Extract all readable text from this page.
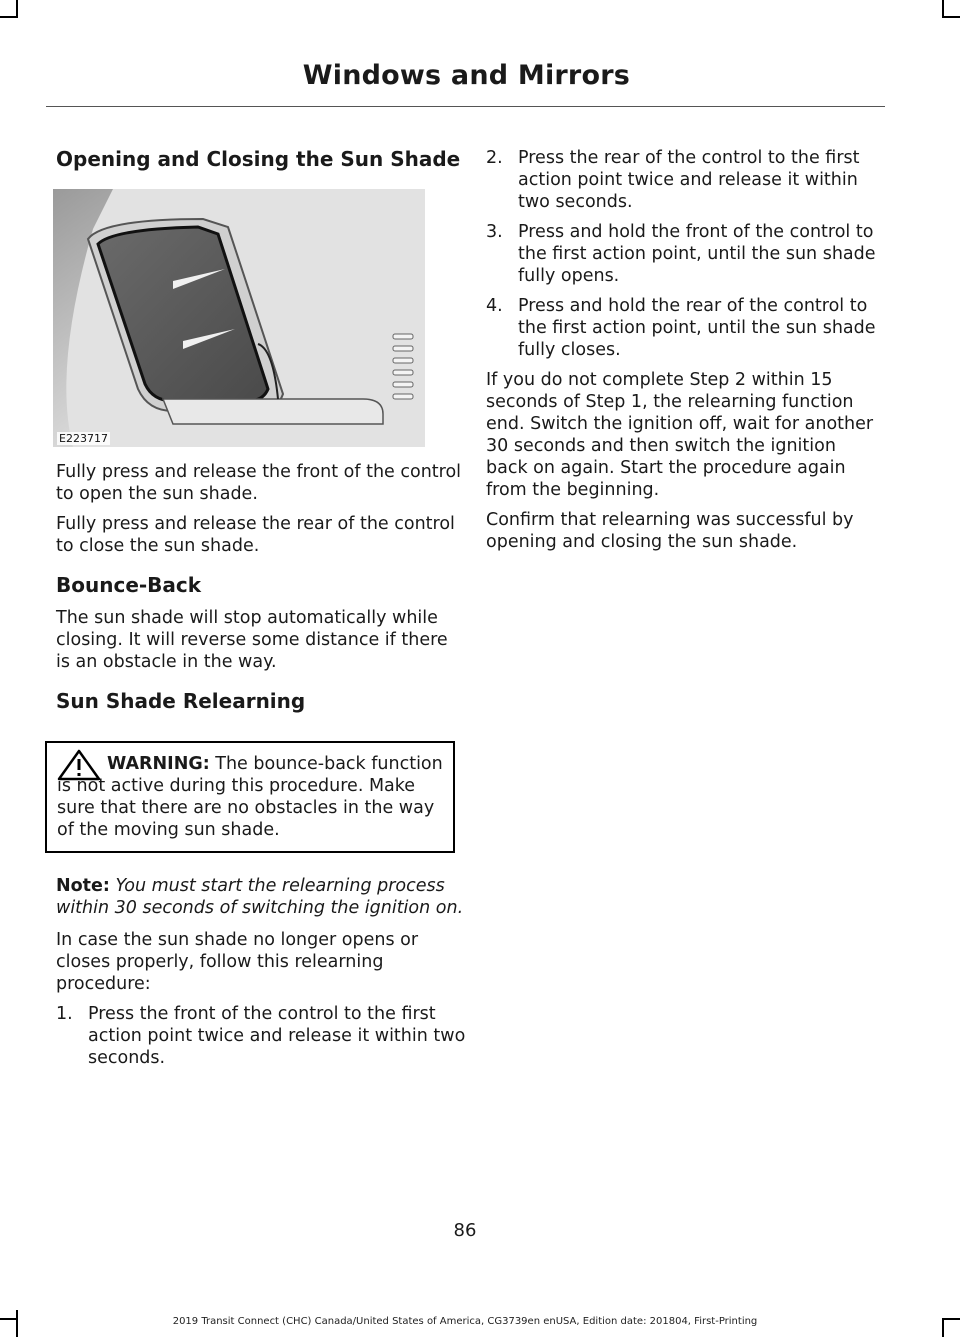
Windows and Mirrors
Opening and Closing the Sun Shade
E223717

Fully press and release the front of the control to open the sun shade.

Fully press and release the rear of the control to close the sun shade.

Bounce-Back

The sun shade will stop automatically while closing. It will reverse some distance if there is an obstacle in the way.

Sun Shade Relearning
WARNING: The bounce-back function is not active during this procedure. Make sure that there are no obstacles in the way of the moving sun shade.

Note: You must start the relearning process within 30 seconds of switching the ignition on.

In case the sun shade no longer opens or closes properly, follow this relearning procedure:

1. Press the front of the control to the first action point twice and release it within two seconds.
2. Press the rear of the control to the first action point twice and release it within two seconds.
3. Press and hold the front of the control to the first action point, until the sun shade fully opens.
4. Press and hold the rear of the control to the first action point, until the sun shade fully closes.

If you do not complete Step 2 within 15 seconds of Step 1, the relearning function end. Switch the ignition off, wait for another 30 seconds and then switch the ignition back on again. Start the procedure again from the beginning.

Confirm that relearning was successful by opening and closing the sun shade.

86
2019 Transit Connect (CHC) Canada/United States of America, CG3739en enUSA, Edition date: 201804, First-Printing
